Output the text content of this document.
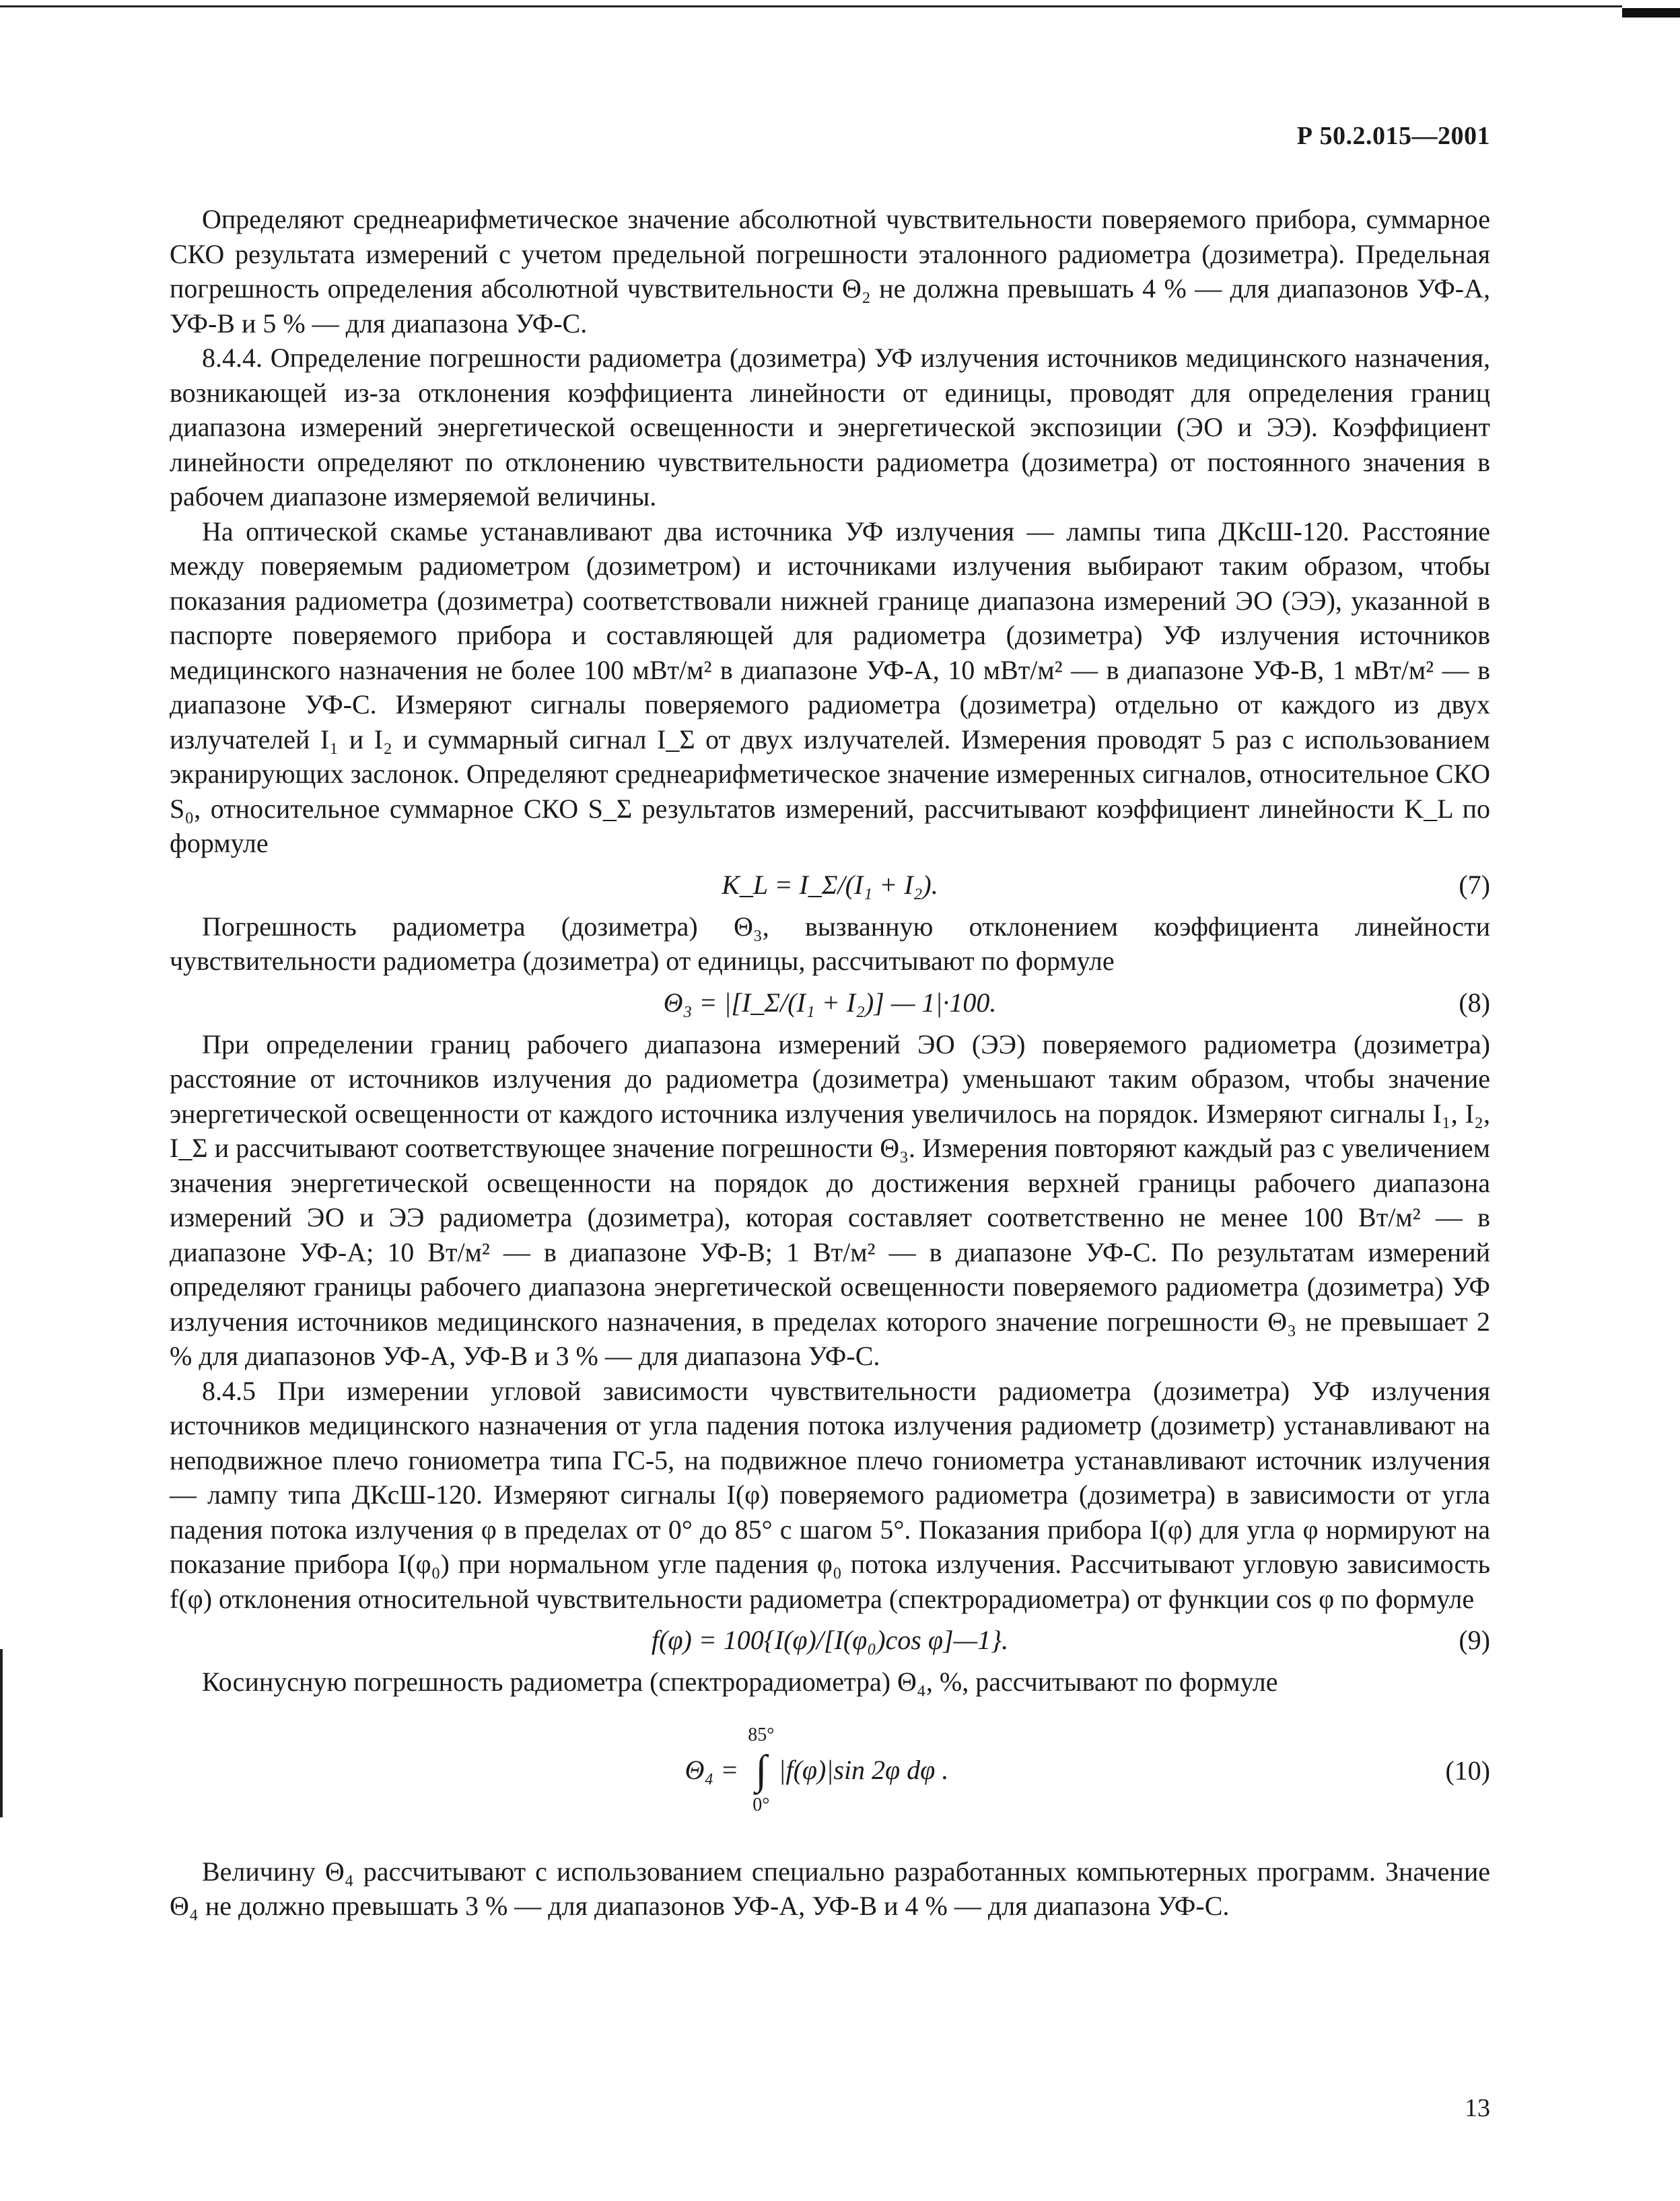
Р 50.2.015—2001

Определяют среднеарифметическое значение абсолютной чувствительности поверяемого прибора, суммарное СКО результата измерений с учетом предельной погрешности эталонного радиометра (дозиметра). Предельная погрешность определения абсолютной чувствительности Θ₂ не должна превышать 4 % — для диапазонов УФ-А, УФ-В и 5 % — для диапазона УФ-С.

8.4.4. Определение погрешности радиометра (дозиметра) УФ излучения источников медицинского назначения, возникающей из-за отклонения коэффициента линейности от единицы, проводят для определения границ диапазона измерений энергетической освещенности и энергетической экспозиции (ЭО и ЭЭ). Коэффициент линейности определяют по отклонению чувствительности радиометра (дозиметра) от постоянного значения в рабочем диапазоне измеряемой величины.

На оптической скамье устанавливают два источника УФ излучения — лампы типа ДКсШ-120. Расстояние между поверяемым радиометром (дозиметром) и источниками излучения выбирают таким образом, чтобы показания радиометра (дозиметра) соответствовали нижней границе диапазона измерений ЭО (ЭЭ), указанной в паспорте поверяемого прибора и составляющей для радиометра (дозиметра) УФ излучения источников медицинского назначения не более 100 мВт/м² в диапазоне УФ-А, 10 мВт/м² — в диапазоне УФ-В, 1 мВт/м² — в диапазоне УФ-С. Измеряют сигналы поверяемого радиометра (дозиметра) отдельно от каждого из двух излучателей I₁ и I₂ и суммарный сигнал I_Σ от двух излучателей. Измерения проводят 5 раз с использованием экранирующих заслонок. Определяют среднеарифметическое значение измеренных сигналов, относительное СКО S₀, относительное суммарное СКО S_Σ результатов измерений, рассчитывают коэффициент линейности K_L по формуле

K_L = I_Σ/(I₁ + I₂).	(7)

Погрешность радиометра (дозиметра) Θ₃, вызванную отклонением коэффициента линейности чувствительности радиометра (дозиметра) от единицы, рассчитывают по формуле

Θ₃ = |[I_Σ/(I₁ + I₂)] — 1|·100.	(8)

При определении границ рабочего диапазона измерений ЭО (ЭЭ) поверяемого радиометра (дозиметра) расстояние от источников излучения до радиометра (дозиметра) уменьшают таким образом, чтобы значение энергетической освещенности от каждого источника излучения увеличилось на порядок. Измеряют сигналы I₁, I₂, I_Σ и рассчитывают соответствующее значение погрешности Θ₃. Измерения повторяют каждый раз с увеличением значения энергетической освещенности на порядок до достижения верхней границы рабочего диапазона измерений ЭО и ЭЭ радиометра (дозиметра), которая составляет соответственно не менее 100 Вт/м² — в диапазоне УФ-А; 10 Вт/м² — в диапазоне УФ-В; 1 Вт/м² — в диапазоне УФ-С. По результатам измерений определяют границы рабочего диапазона энергетической освещенности поверяемого радиометра (дозиметра) УФ излучения источников медицинского назначения, в пределах которого значение погрешности Θ₃ не превышает 2 % для диапазонов УФ-А, УФ-В и 3 % — для диапазона УФ-С.

8.4.5 При измерении угловой зависимости чувствительности радиометра (дозиметра) УФ излучения источников медицинского назначения от угла падения потока излучения радиометр (дозиметр) устанавливают на неподвижное плечо гониометра типа ГС-5, на подвижное плечо гониометра устанавливают источник излучения — лампу типа ДКсШ-120. Измеряют сигналы I(φ) поверяемого радиометра (дозиметра) в зависимости от угла падения потока излучения φ в пределах от 0° до 85° с шагом 5°. Показания прибора I(φ) для угла φ нормируют на показание прибора I(φ₀) при нормальном угле падения φ₀ потока излучения. Рассчитывают угловую зависимость f(φ) отклонения относительной чувствительности радиометра (спектрорадиометра) от функции cos φ по формуле

f(φ) = 100{I(φ)/[I(φ₀)cos φ]—1}.	(9)

Косинусную погрешность радиометра (спектрорадиометра) Θ₄, %, рассчитывают по формуле

Θ₄ =
85°
∫
0°
|f(φ)|sin 2φ dφ .	(10)

Величину Θ₄ рассчитывают с использованием специально разработанных компьютерных программ. Значение Θ₄ не должно превышать 3 % — для диапазонов УФ-А, УФ-В и 4 % — для диапазона УФ-С.

13
